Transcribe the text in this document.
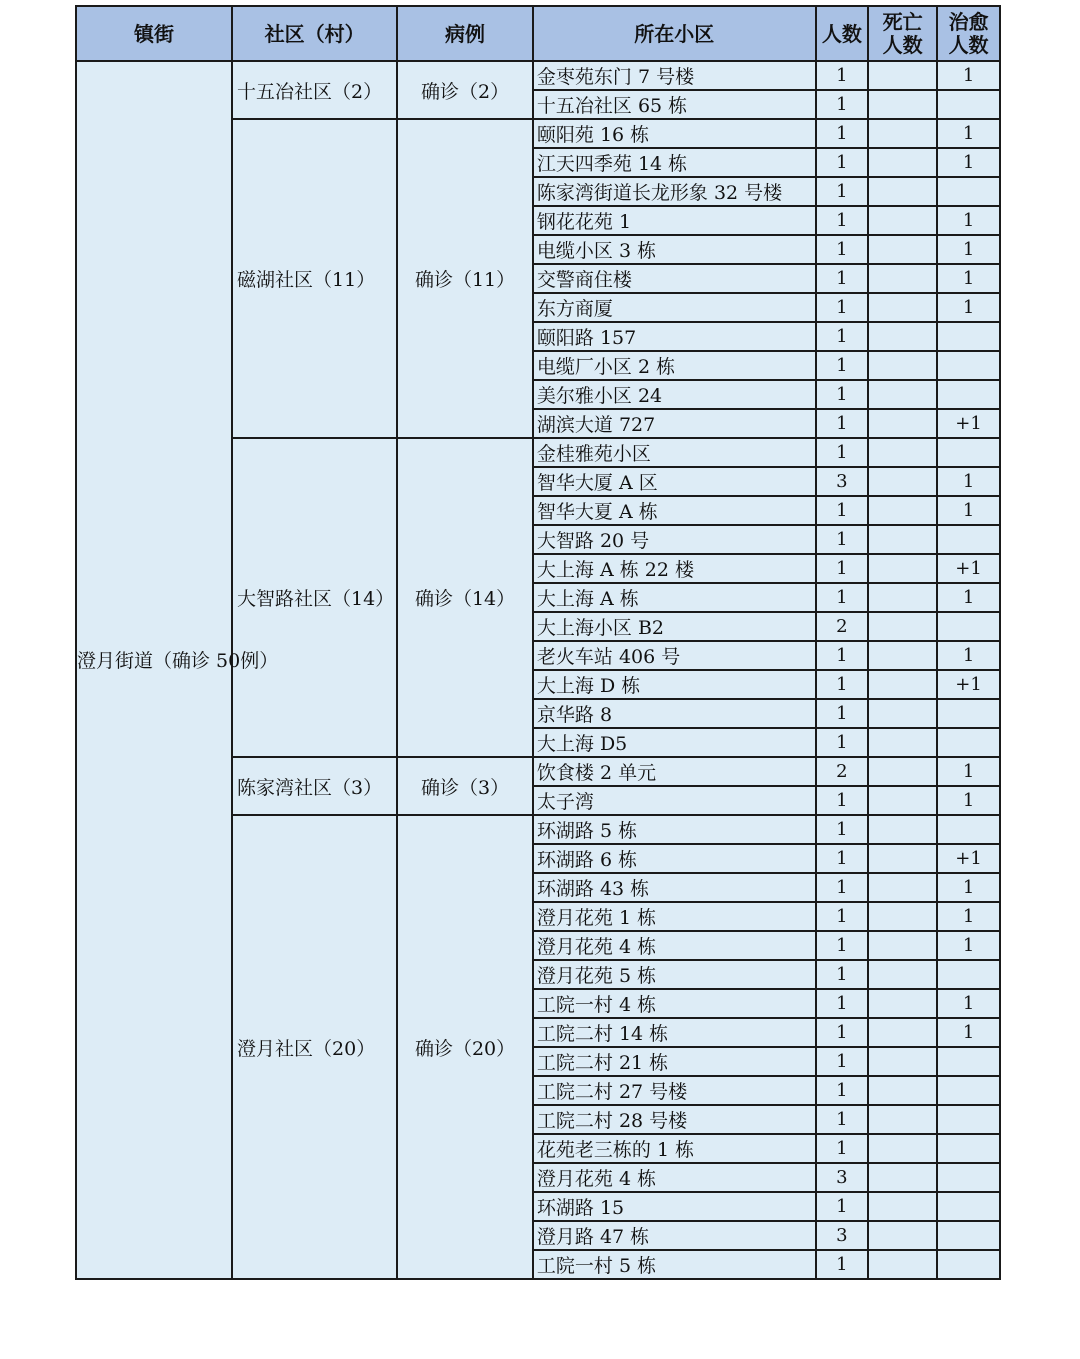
镇街	社区（村）	病例	所在小区	人数	死亡人数	治愈人数
澄月街道（确诊 50例）	十五冶社区（2）	确诊（2）	金枣苑东门 7 号楼	1		1
			十五冶社区 65 栋	1		
	磁湖社区（11）	确诊（11）	颐阳苑 16 栋	1		1
			江天四季苑 14 栋	1		1
			陈家湾街道长龙形象 32 号楼	1		
			钢花花苑 1	1		1
			电缆小区 3 栋	1		1
			交警商住楼	1		1
			东方商厦	1		1
			颐阳路 157	1		
			电缆厂小区 2 栋	1		
			美尔雅小区 24	1		
			湖滨大道 727	1		+1
	大智路社区（14）	确诊（14）	金桂雅苑小区	1		
			智华大厦 A 区	3		1
			智华大夏 A 栋	1		1
			大智路 20 号	1		
			大上海 A 栋 22 楼	1		+1
			大上海 A 栋	1		1
			大上海小区 B2	2		
			老火车站 406 号	1		1
			大上海 D 栋	1		+1
			京华路 8	1		
			大上海 D5	1		
	陈家湾社区（3）	确诊（3）	饮食楼 2 单元	2		1
			太子湾	1		1
	澄月社区（20）	确诊（20）	环湖路 5 栋	1		
			环湖路 6 栋	1		+1
			环湖路 43 栋	1		1
			澄月花苑 1 栋	1		1
			澄月花苑 4 栋	1		1
			澄月花苑 5 栋	1		
			工院一村 4 栋	1		1
			工院二村 14 栋	1		1
			工院二村 21 栋	1		
			工院二村 27 号楼	1		
			工院二村 28 号楼	1		
			花苑老三栋的 1 栋	1		
			澄月花苑 4 栋	3		
			环湖路 15	1		
			澄月路 47 栋	3		
			工院一村 5 栋	1		
